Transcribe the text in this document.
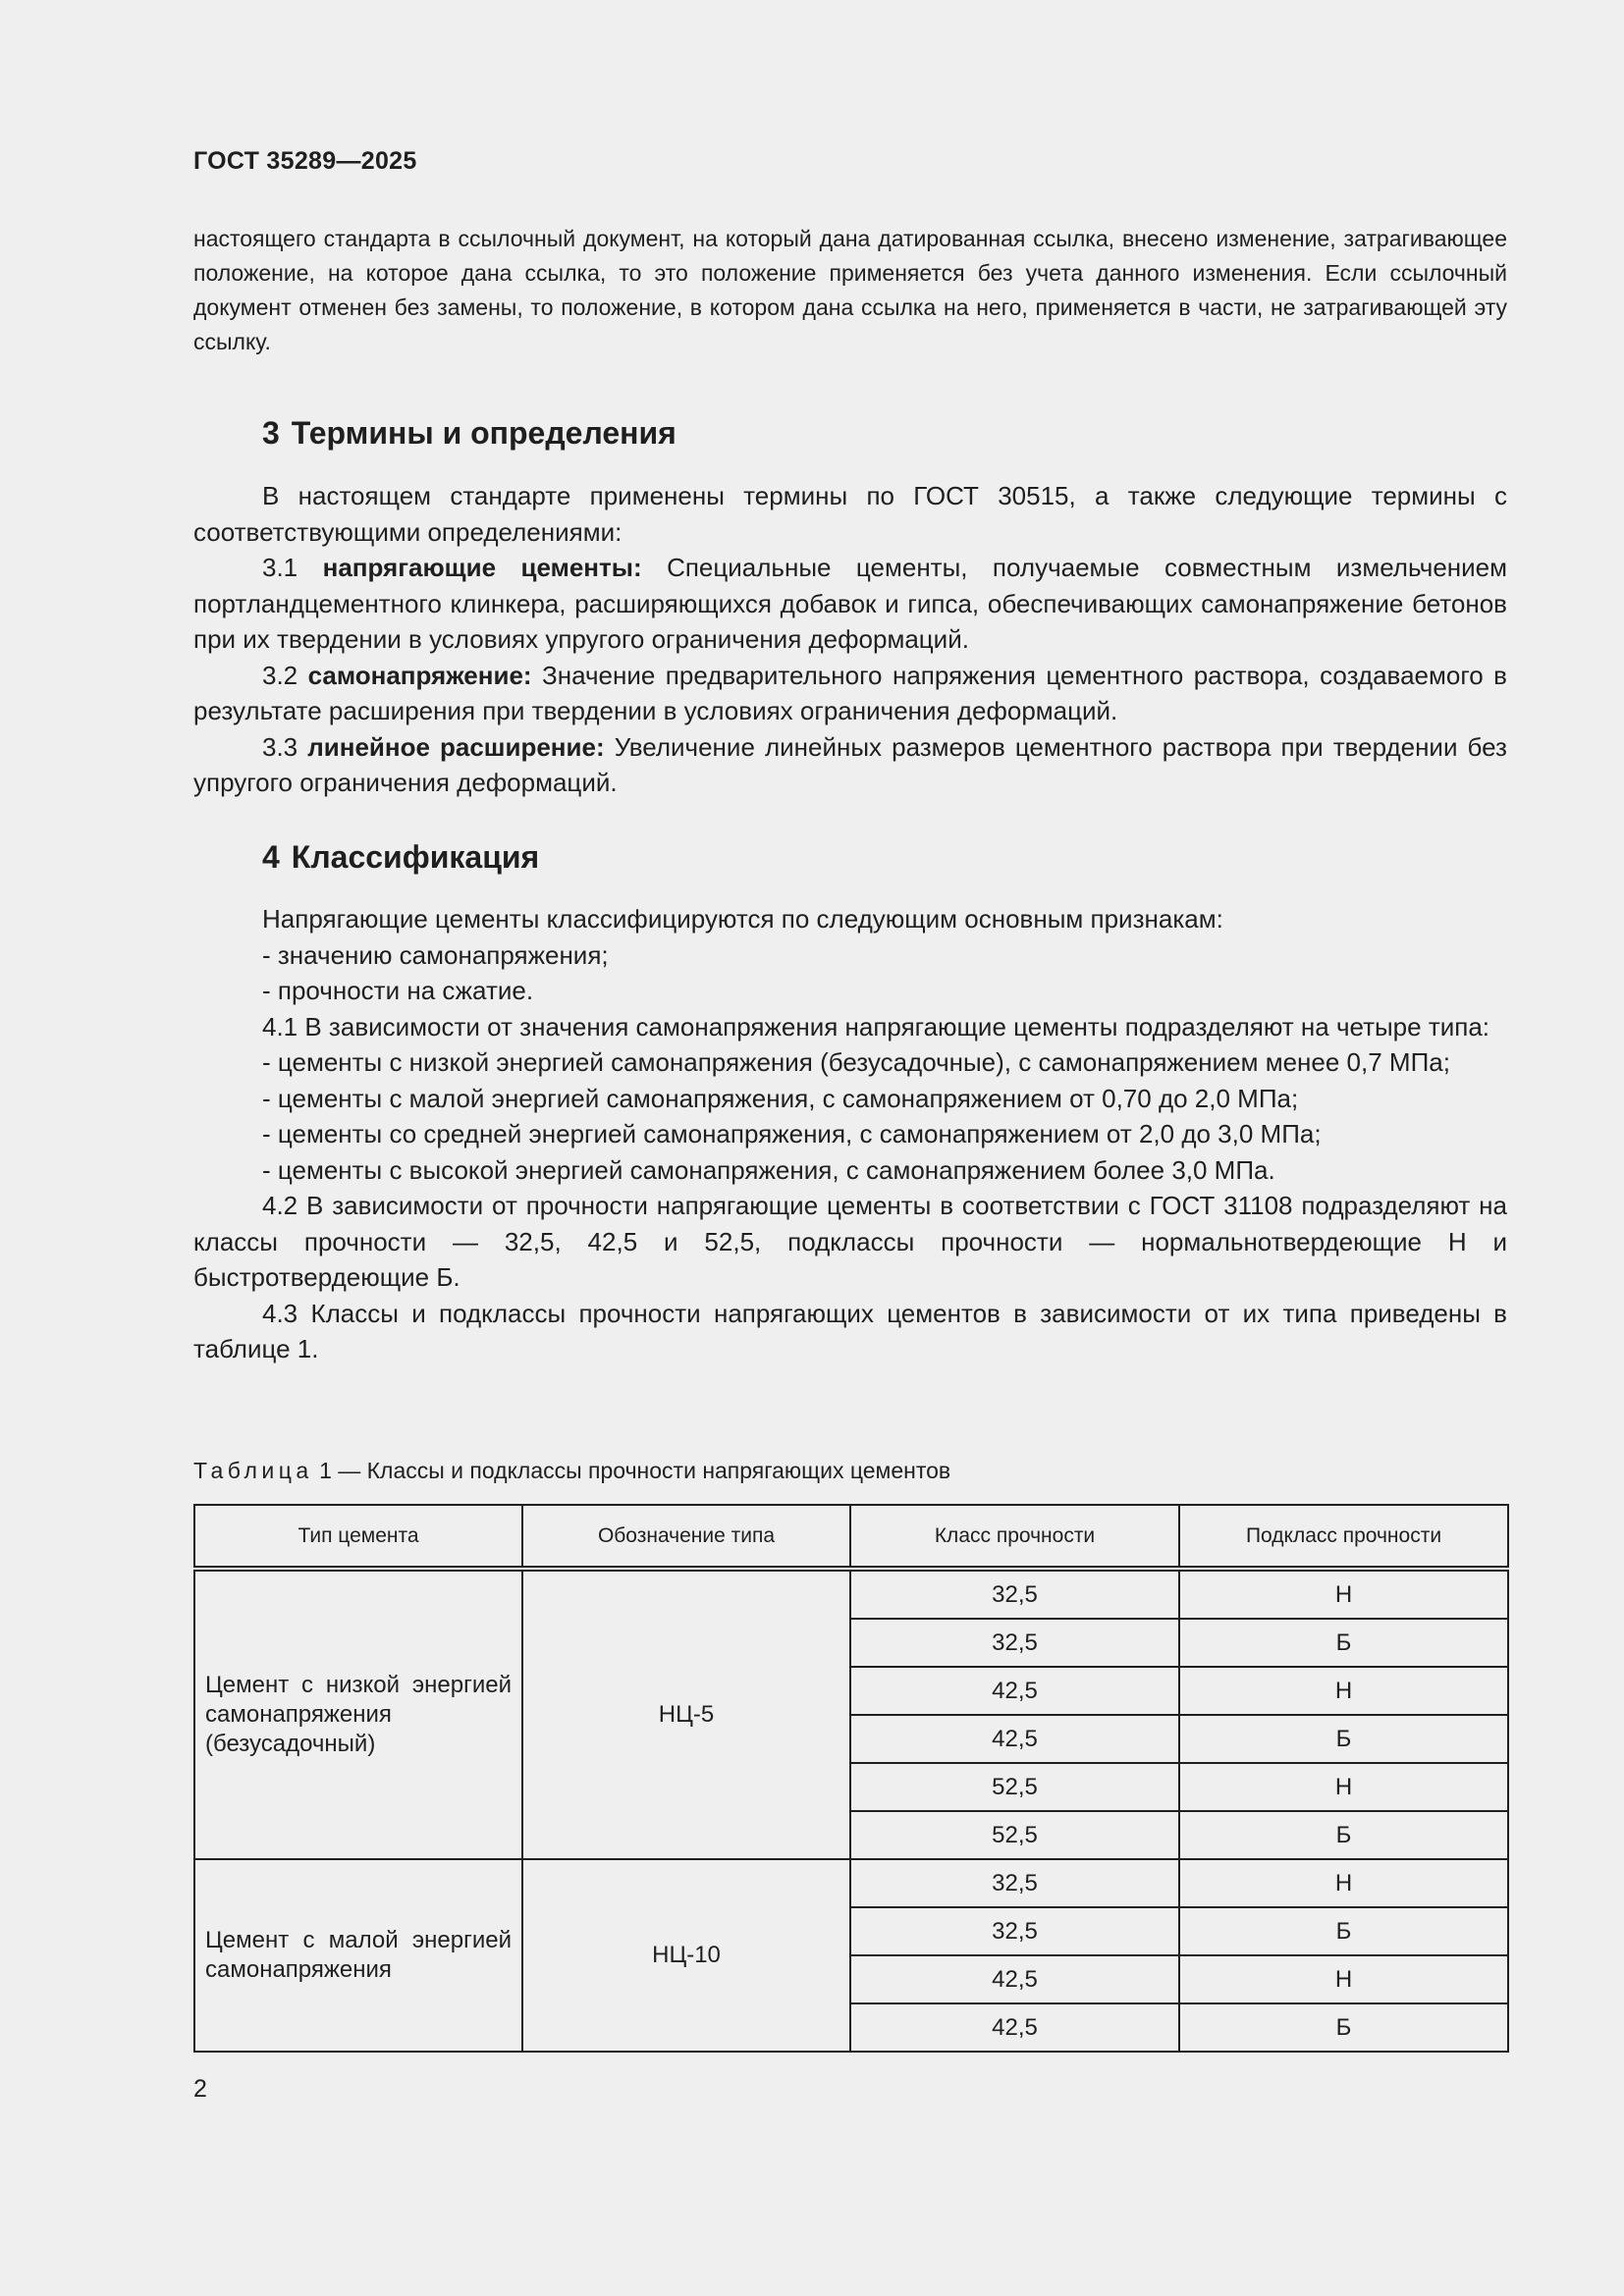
ГОСТ 35289—2025
настоящего стандарта в ссылочный документ, на который дана датированная ссылка, внесено изменение, затрагивающее положение, на которое дана ссылка, то это положение применяется без учета данного изменения. Если ссылочный документ отменен без замены, то положение, в котором дана ссылка на него, применяется в части, не затрагивающей эту ссылку.
3 Термины и определения

В настоящем стандарте применены термины по ГОСТ 30515, а также следующие термины с соответствующими определениями:

3.1 напрягающие цементы: Специальные цементы, получаемые совместным измельчением портландцементного клинкера, расширяющихся добавок и гипса, обеспечивающих самонапряжение бетонов при их твердении в условиях упругого ограничения деформаций.

3.2 самонапряжение: Значение предварительного напряжения цементного раствора, создаваемого в результате расширения при твердении в условиях ограничения деформаций.

3.3 линейное расширение: Увеличение линейных размеров цементного раствора при твердении без упругого ограничения деформаций.

4 Классификация

Напрягающие цементы классифицируются по следующим основным признакам:

- значению самонапряжения;

- прочности на сжатие.

4.1 В зависимости от значения самонапряжения напрягающие цементы подразделяют на четыре типа:

- цементы с низкой энергией самонапряжения (безусадочные), с самонапряжением менее 0,7 МПа;

- цементы с малой энергией самонапряжения, с самонапряжением от 0,70 до 2,0 МПа;

- цементы со средней энергией самонапряжения, с самонапряжением от 2,0 до 3,0 МПа;

- цементы с высокой энергией самонапряжения, с самонапряжением более 3,0 МПа.

4.2 В зависимости от прочности напрягающие цементы в соответствии с ГОСТ 31108 подразделяют на классы прочности — 32,5, 42,5 и 52,5, подклассы прочности — нормальнотвердеющие Н и быстротвердеющие Б.

4.3 Классы и подклассы прочности напрягающих цементов в зависимости от их типа приведены в таблице 1.

Таблица 1 — Классы и подклассы прочности напрягающих цементов
Тип цемента	Обозначение типа	Класс прочности	Подкласс прочности
Цемент с низкой энергией самонапряжения (безусадочный)	НЦ-5	32,5	Н
		32,5	Б
		42,5	Н
		42,5	Б
		52,5	Н
		52,5	Б
Цемент с малой энергией самонапряжения	НЦ-10	32,5	Н
		32,5	Б
		42,5	Н
		42,5	Б
2
